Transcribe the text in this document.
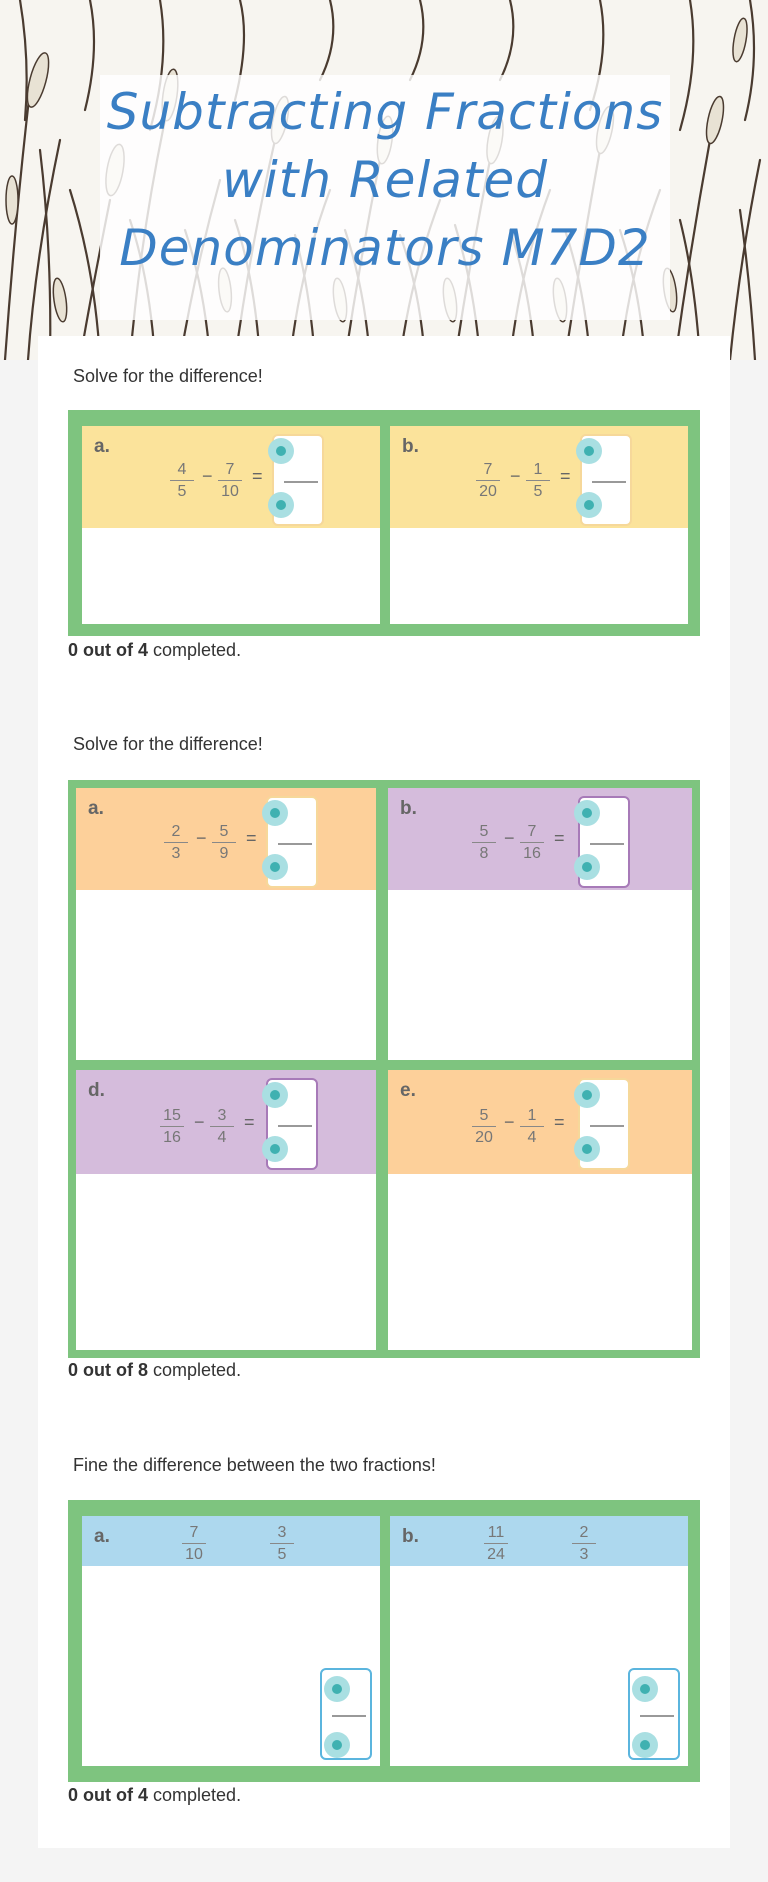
Subtracting Fractions with Related Denominators M7D2
Solve for the difference!
a.
$\frac{4}{5} - \frac{7}{10}$ =
b.
$\frac{7}{20} - \frac{1}{5}$ =
0 out of 4 completed.
Solve for the difference!
a.
$\frac{2}{3} - \frac{5}{9}$ =
b.
$\frac{5}{8} - \frac{7}{16}$ =
d.
$\frac{15}{16} - \frac{3}{4}$ =
e.
$\frac{5}{20} - \frac{1}{4}$ =
0 out of 8 completed.
Fine the difference between the two fractions!
a.	$\frac{7}{10}$	$\frac{3}{5}$	b.	$\frac{11}{24}$	$\frac{2}{3}$
0 out of 4 completed.
